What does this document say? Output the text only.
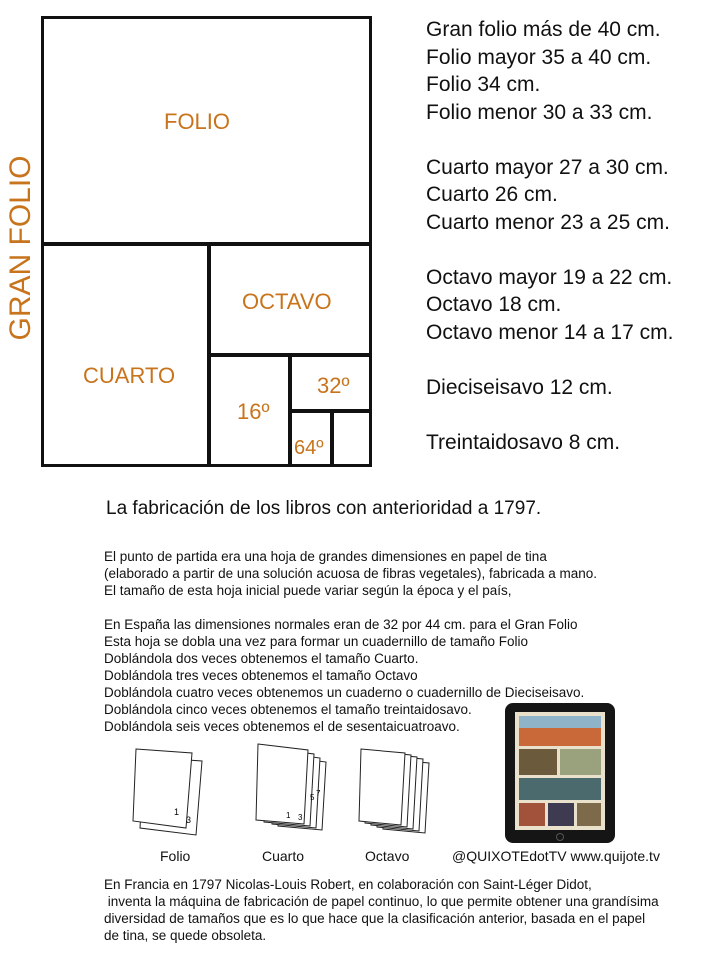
FOLIO
OCTAVO
CUARTO
16º
32º
64º
GRAN FOLIO
Gran folio más de 40 cm.
Folio mayor 35 a 40 cm.
Folio 34 cm.
Folio menor 30 a 33 cm.
Cuarto mayor 27 a 30 cm.
Cuarto 26 cm.
Cuarto menor 23 a 25 cm.
Octavo mayor 19 a 22 cm.
Octavo 18 cm.
Octavo menor 14 a 17 cm.
Dieciseisavo 12 cm.
Treintaidosavo 8 cm.
La fabricación de los libros con anterioridad a 1797.
El punto de partida era una hoja de grandes dimensiones en papel de tina
(elaborado a partir de una solución acuosa de fibras vegetales), fabricada a mano.
El tamaño de esta hoja inicial puede variar según la época y el país,
En España las dimensiones normales eran de 32 por 44 cm. para el Gran Folio
Esta hoja se dobla una vez para formar un cuadernillo de tamaño Folio
Doblándola dos veces obtenemos el tamaño Cuarto.
Doblándola tres veces obtenemos el tamaño Octavo
Doblándola cuatro veces obtenemos un cuaderno o cuadernillo de Dieciseisavo.
Doblándola cinco veces obtenemos el tamaño treintaidosavo.
Doblándola seis veces obtenemos el de sesentaicuatroavo.
1
3	1 3
5 7
Folio	Cuarto	Octavo	@QUIXOTEdotTV www.quijote.tv
En Francia en 1797 Nicolas-Louis Robert, en colaboración con Saint-Léger Didot,
inventa la máquina de fabricación de papel continuo, lo que permite obtener una grandísima
diversidad de tamaños que es lo que hace que la clasificación anterior, basada en el papel
de tina, se quede obsoleta.
